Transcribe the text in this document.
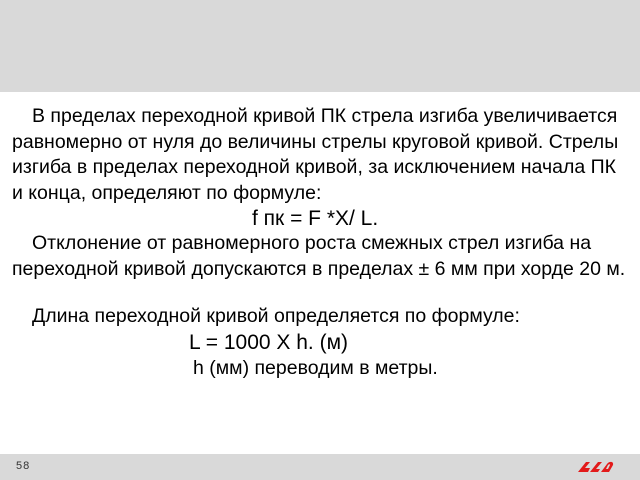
В пределах переходной кривой ПК стрела изгиба увеличивается равномерно от нуля до величины стрелы круговой кривой. Стрелы изгиба в пределах переходной кривой, за исключением начала ПК и конца, определяют по формуле:

f пк = F *X/ L.

Отклонение от равномерного роста смежных стрел изгиба на переходной кривой допускаются в пределах ± 6 мм при хорде 20 м.

Длина переходной кривой определяется по формуле:

L = 1000 X h. (м)

h (мм) переводим в метры.

58
